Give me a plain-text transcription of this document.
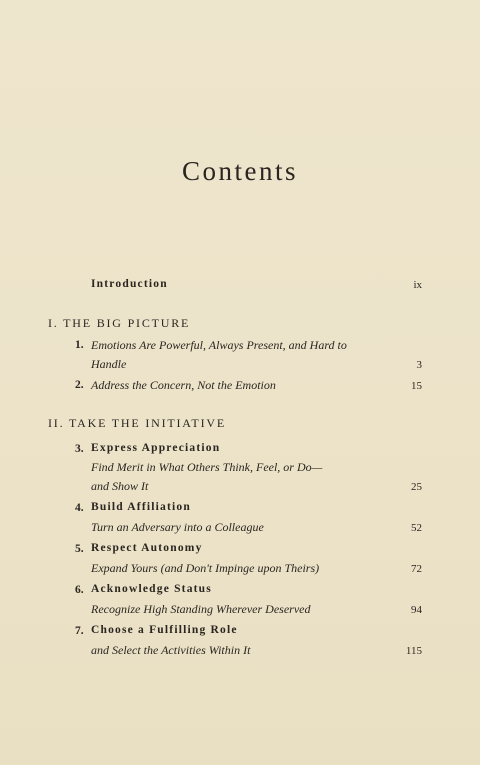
Contents
Introduction	ix
I. THE BIG PICTURE
1. Emotions Are Powerful, Always Present, and Hard to
Handle	3
2. Address the Concern, Not the Emotion	15
II. TAKE THE INITIATIVE
3. Express Appreciation
Find Merit in What Others Think, Feel, or Do—
and Show It	25
4. Build Affiliation
Turn an Adversary into a Colleague	52
5. Respect Autonomy
Expand Yours (and Don't Impinge upon Theirs)	72
6. Acknowledge Status
Recognize High Standing Wherever Deserved	94
7. Choose a Fulfilling Role
and Select the Activities Within It	115
